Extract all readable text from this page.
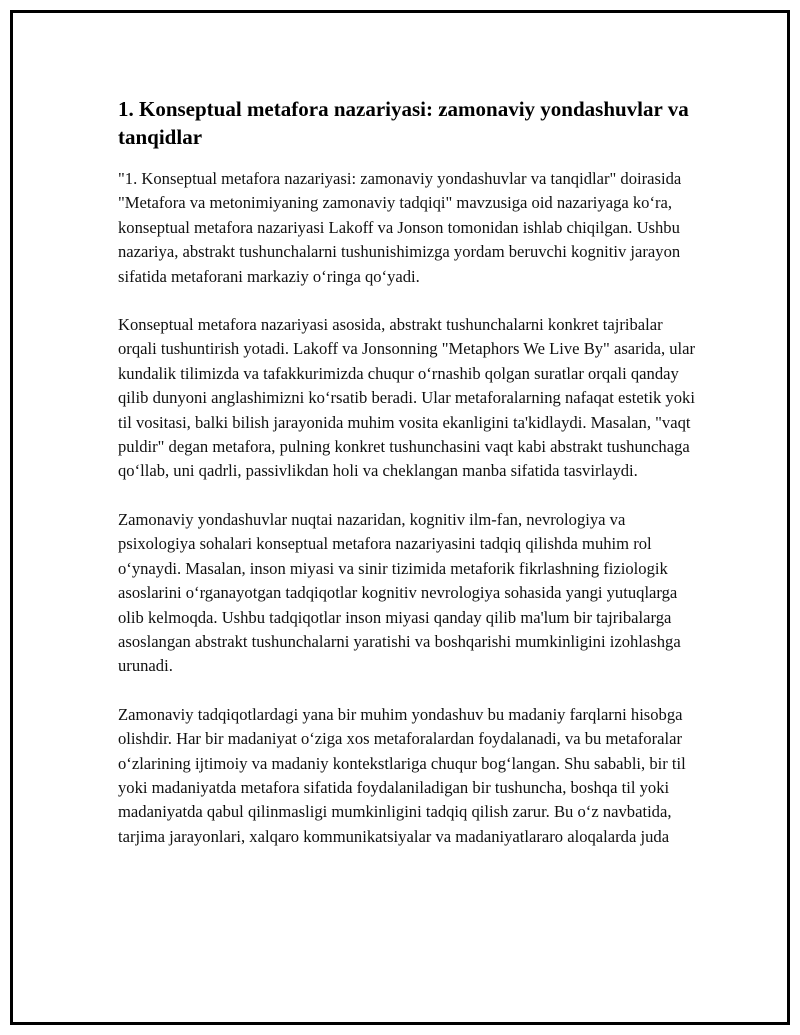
1. Konseptual metafora nazariyasi: zamonaviy yondashuvlar va tanqidlar

"1. Konseptual metafora nazariyasi: zamonaviy yondashuvlar va tanqidlar" doirasida "Metafora va metonimiyaning zamonaviy tadqiqi" mavzusiga oid nazariyaga ko‘ra, konseptual metafora nazariyasi Lakoff va Jonson tomonidan ishlab chiqilgan. Ushbu nazariya, abstrakt tushunchalarni tushunishimizga yordam beruvchi kognitiv jarayon sifatida metaforani markaziy o‘ringa qo‘yadi.

Konseptual metafora nazariyasi asosida, abstrakt tushunchalarni konkret tajribalar orqali tushuntirish yotadi. Lakoff va Jonsonning "Metaphors We Live By" asarida, ular kundalik tilimizda va tafakkurimizda chuqur o‘rnashib qolgan suratlar orqali qanday qilib dunyoni anglashimizni ko‘rsatib beradi. Ular metaforalarning nafaqat estetik yoki til vositasi, balki bilish jarayonida muhim vosita ekanligini ta'kidlaydi. Masalan, "vaqt puldir" degan metafora, pulning konkret tushunchasini vaqt kabi abstrakt tushunchaga qo‘llab, uni qadrli, passivlikdan holi va cheklangan manba sifatida tasvirlaydi.

Zamonaviy yondashuvlar nuqtai nazaridan, kognitiv ilm-fan, nevrologiya va psixologiya sohalari konseptual metafora nazariyasini tadqiq qilishda muhim rol o‘ynaydi. Masalan, inson miyasi va sinir tizimida metaforik fikrlashning fiziologik asoslarini o‘rganayotgan tadqiqotlar kognitiv nevrologiya sohasida yangi yutuqlarga olib kelmoqda. Ushbu tadqiqotlar inson miyasi qanday qilib ma'lum bir tajribalarga asoslangan abstrakt tushunchalarni yaratishi va boshqarishi mumkinligini izohlashga urunadi.

Zamonaviy tadqiqotlardagi yana bir muhim yondashuv bu madaniy farqlarni hisobga olishdir. Har bir madaniyat o‘ziga xos metaforalardan foydalanadi, va bu metaforalar o‘zlarining ijtimoiy va madaniy kontekstlariga chuqur bog‘langan. Shu sababli, bir til yoki madaniyatda metafora sifatida foydalaniladigan bir tushuncha, boshqa til yoki madaniyatda qabul qilinmasligi mumkinligini tadqiq qilish zarur. Bu o‘z navbatida, tarjima jarayonlari, xalqaro kommunikatsiyalar va madaniyatlararo aloqalarda juda
